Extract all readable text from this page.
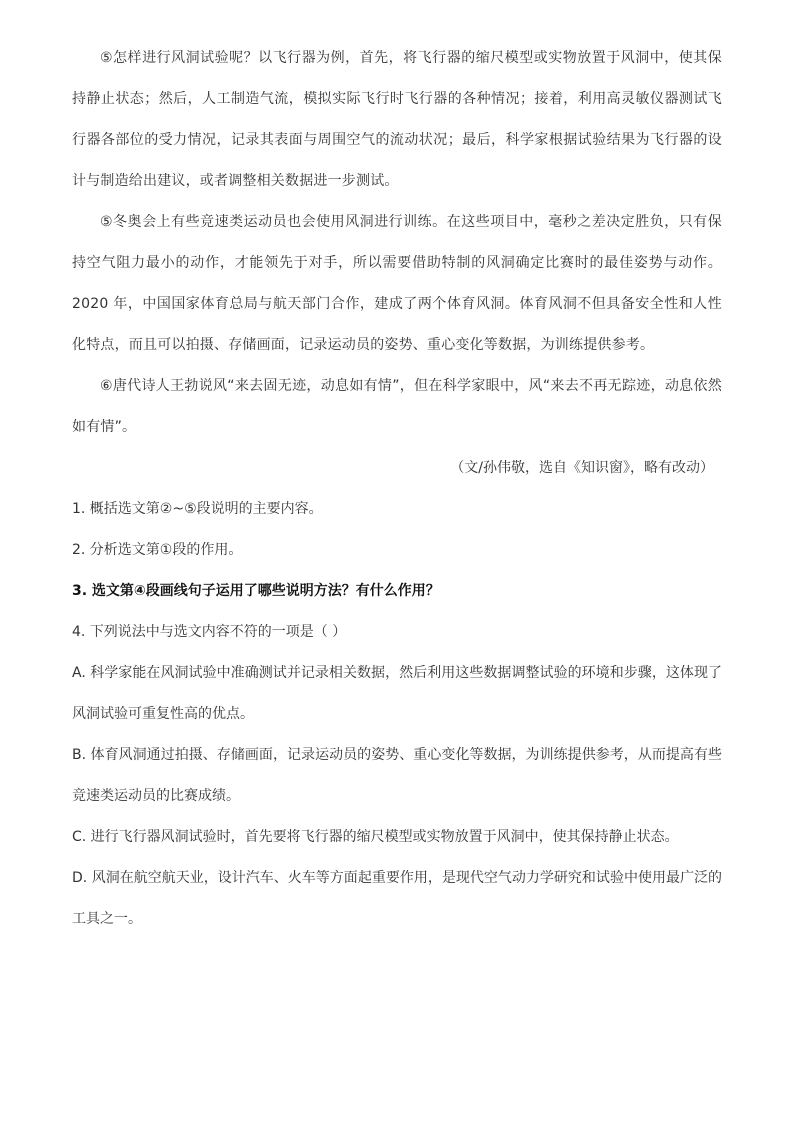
⑤怎样进行风洞试验呢？以飞行器为例，首先，将飞行器的缩尺模型或实物放置于风洞中，使其保持静止状态；然后，人工制造气流，模拟实际飞行时飞行器的各种情况；接着，利用高灵敏仪器测试飞行器各部位的受力情况，记录其表面与周围空气的流动状况；最后，科学家根据试验结果为飞行器的设计与制造给出建议，或者调整相关数据进一步测试。

⑤冬奥会上有些竞速类运动员也会使用风洞进行训练。在这些项目中，毫秒之差决定胜负，只有保持空气阻力最小的动作，才能领先于对手，所以需要借助特制的风洞确定比赛时的最佳姿势与动作。2020 年，中国国家体育总局与航天部门合作，建成了两个体育风洞。体育风洞不但具备安全性和人性化特点，而且可以拍摄、存储画面，记录运动员的姿势、重心变化等数据，为训练提供参考。

⑥唐代诗人王勃说风“来去固无迹，动息如有情”，但在科学家眼中，风“来去不再无踪迹，动息依然如有情”。

（文/孙伟敬，选自《知识窗》，略有改动）

1. 概括选文第②~⑤段说明的主要内容。

2. 分析选文第①段的作用。

3. 选文第④段画线句子运用了哪些说明方法？有什么作用？

4. 下列说法中与选文内容不符的一项是（ ）

A. 科学家能在风洞试验中准确测试并记录相关数据，然后利用这些数据调整试验的环境和步骤，这体现了风洞试验可重复性高的优点。

B. 体育风洞通过拍摄、存储画面，记录运动员的姿势、重心变化等数据，为训练提供参考，从而提高有些竞速类运动员的比赛成绩。

C. 进行飞行器风洞试验时，首先要将飞行器的缩尺模型或实物放置于风洞中，使其保持静止状态。

D. 风洞在航空航天业，设计汽车、火车等方面起重要作用，是现代空气动力学研究和试验中使用最广泛的工具之一。
